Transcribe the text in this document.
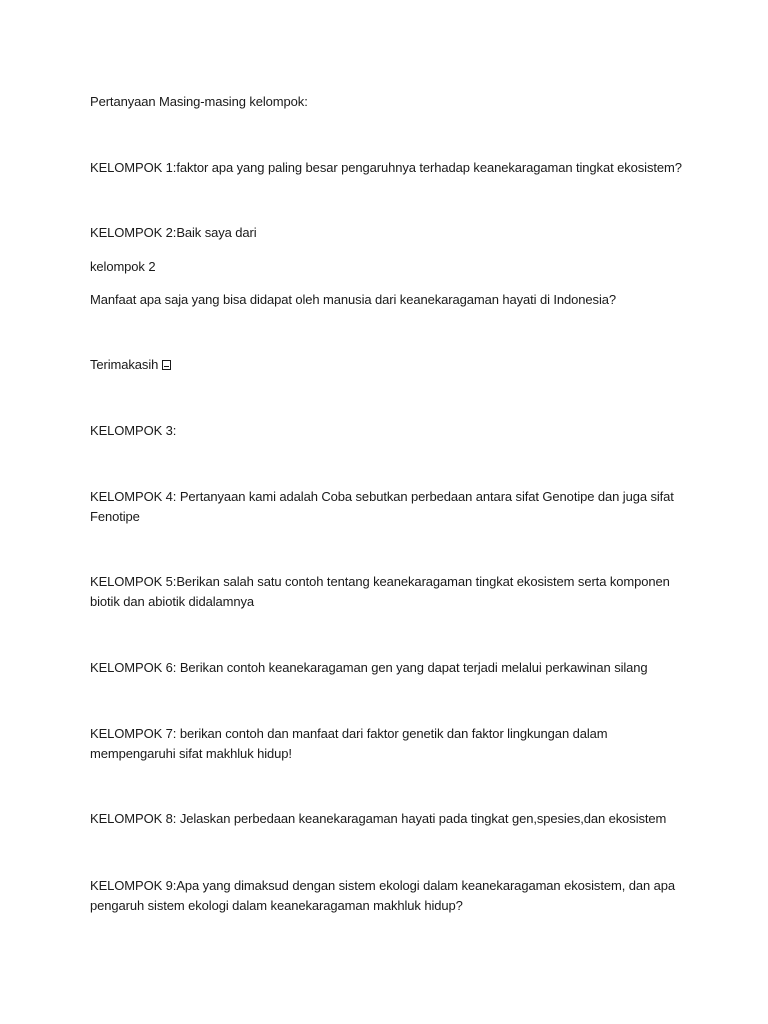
Pertanyaan Masing-masing kelompok:
KELOMPOK 1:faktor apa yang paling besar pengaruhnya terhadap keanekaragaman tingkat ekosistem?
KELOMPOK 2:Baik saya dari
kelompok 2
Manfaat apa saja yang bisa didapat oleh manusia dari keanekaragaman hayati di Indonesia?
Terimakasih
KELOMPOK 3:
KELOMPOK 4: Pertanyaan kami adalah Coba sebutkan perbedaan antara sifat Genotipe dan juga sifat Fenotipe
KELOMPOK 5:Berikan salah satu contoh tentang keanekaragaman tingkat ekosistem serta komponen biotik dan abiotik didalamnya
KELOMPOK 6: Berikan contoh keanekaragaman gen yang dapat terjadi melalui perkawinan silang
KELOMPOK 7: berikan contoh dan manfaat dari faktor genetik dan faktor lingkungan dalam mempengaruhi sifat makhluk hidup!
KELOMPOK 8: Jelaskan perbedaan keanekaragaman hayati pada tingkat gen,spesies,dan ekosistem
KELOMPOK 9:Apa yang dimaksud dengan sistem ekologi dalam keanekaragaman ekosistem, dan apa pengaruh sistem ekologi dalam keanekaragaman makhluk hidup?
